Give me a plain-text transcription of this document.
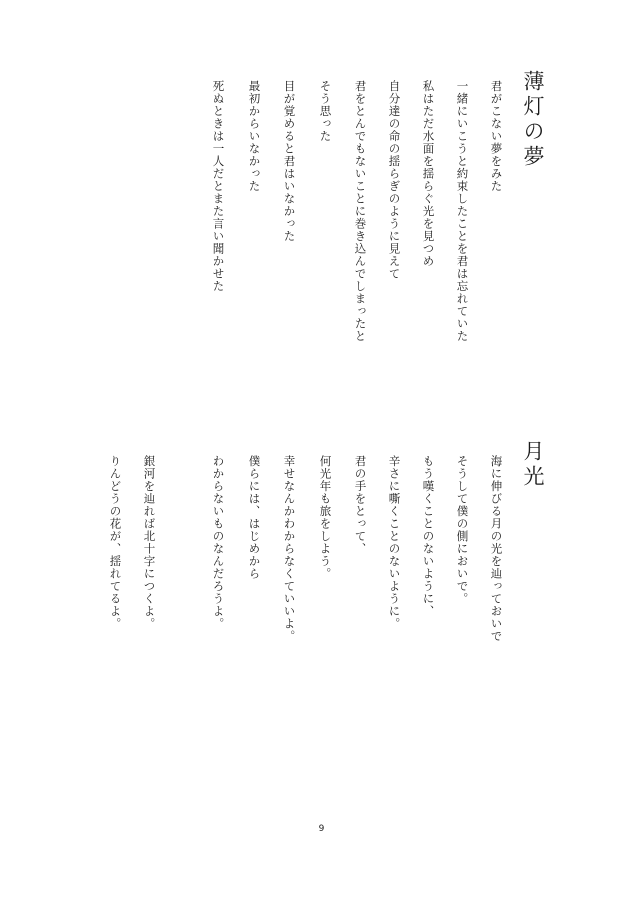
薄灯の夢
君がこない夢をみた
一緒にいこうと約束したことを君は忘れていた
私はただ水面を揺らぐ光を見つめ
自分達の命の揺らぎのように見えて
君をとんでもないことに巻き込んでしまったと
そう思った
目が覚めると君はいなかった
最初からいなかった
死ぬときは一人だとまた言い聞かせた
月光
海に伸びる月の光を辿っておいで
そうして僕の側においで。
もう嘆くことのないように、
辛さに嘶くことのないように。
君の手をとって、
何光年も旅をしよう。
幸せなんかわからなくていいよ。
僕らには、はじめから
わからないものなんだろうよ。
銀河を辿れば北十字につくよ。
りんどうの花が、揺れてるよ。
9
